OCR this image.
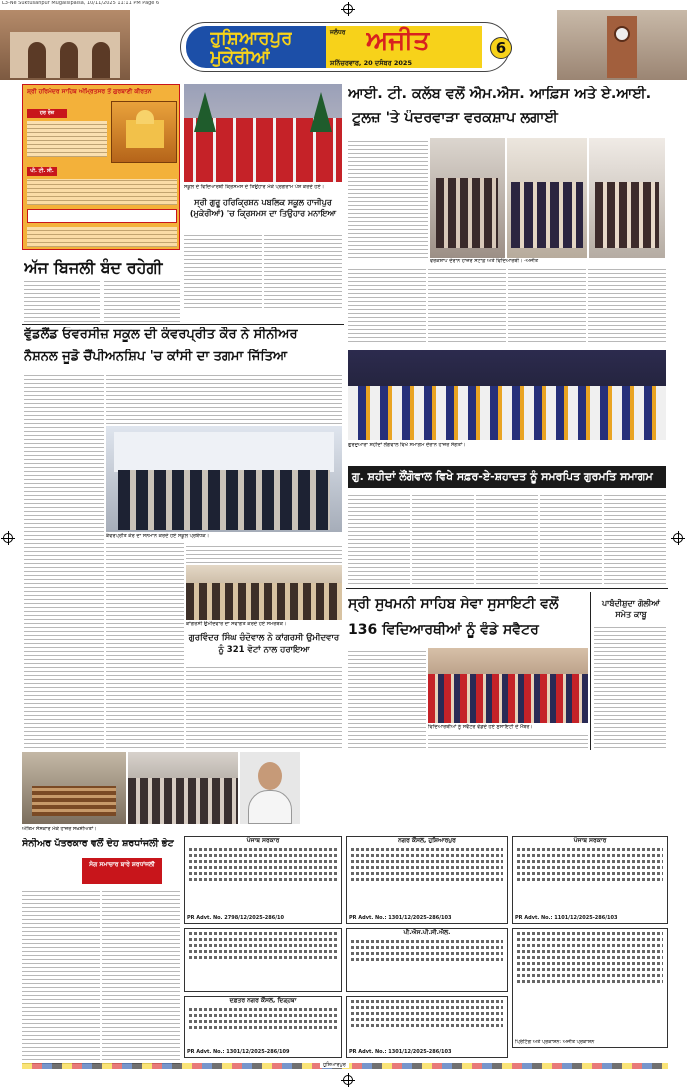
L3-Ne Suktusanpur Mugaisipaisa, 10/11/2025 11:11 PM Page 6
ਹੁਸ਼ਿਆਰਪੁਰ
ਮੁਕੇਰੀਆਂ
ਜਲੰਧਰ ਅਜੀਤ
ਸ਼ਨਿੱਚਰਵਾਰ, 20 ਦਸੰਬਰ 2025
6
ਸ਼੍ਰੀ ਹਰਿਮੰਦਰ ਸਾਹਿਬ ਅੰਮ੍ਰਿਤਸਰ ਤੋਂ ਗੁਰਬਾਣੀ ਕੀਰਤਨ
ਹਰ ਰੋਜ਼
ਪੀ. ਟੀ. ਸੀ.
ਸਕੂਲ ਦੇ ਵਿਦਿਆਰਥੀ ਕ੍ਰਿਸਮਸ ਦੇ ਤਿਉਹਾਰ ਮੌਕੇ ਪ੍ਰੋਗਰਾਮ ਪੇਸ਼ ਕਰਦੇ ਹੋਏ।
ਸ੍ਰੀ ਗੁਰੂ ਹਰਿਕ੍ਰਿਸ਼ਨ ਪਬਲਿਕ ਸਕੂਲ ਹਾਜੀਪੁਰ (ਮੁਕੇਰੀਆਂ) 'ਚ ਕ੍ਰਿਸਮਸ ਦਾ ਤਿਉਹਾਰ ਮਨਾਇਆ
ਅੱਜ ਬਿਜਲੀ ਬੰਦ ਰਹੇਗੀ
ਆਈ. ਟੀ. ਕਲੱਬ ਵਲੋਂ ਐਮ.ਐਸ. ਆਫ਼ਿਸ ਅਤੇ ਏ.ਆਈ.
ਟੂਲਜ਼ 'ਤੇ ਪੰਦਰਵਾੜਾ ਵਰਕਸ਼ਾਪ ਲਗਾਈ
ਵਰਕਸ਼ਾਪ ਦੌਰਾਨ ਹਾਜ਼ਰ ਸਟਾਫ਼ ਅਤੇ ਵਿਦਿਆਰਥੀ। -ਅਜੀਤ
ਵੁੱਡਲੈਂਡ ਓਵਰਸੀਜ਼ ਸਕੂਲ ਦੀ ਕੰਵਰਪ੍ਰੀਤ ਕੌਰ ਨੇ ਸੀਨੀਅਰ
ਨੈਸ਼ਨਲ ਜੂਡੋ ਚੈਂਪੀਅਨਸ਼ਿਪ 'ਚ ਕਾਂਸੀ ਦਾ ਤਗਮਾ ਜਿੱਤਿਆ
ਕੰਵਰਪ੍ਰੀਤ ਕੌਰ ਦਾ ਸਨਮਾਨ ਕਰਦੇ ਹੋਏ ਸਕੂਲ ਪ੍ਰਬੰਧਕ।
ਕਾਂਗਰਸੀ ਉਮੀਦਵਾਰ ਦਾ ਸਵਾਗਤ ਕਰਦੇ ਹੋਏ ਸਮਰਥਕ।
ਗੁਰਵਿੰਦਰ ਸਿੰਘ ਚੰਦੋਵਾਲ ਨੇ ਕਾਂਗਰਸੀ ਉਮੀਦਵਾਰ ਨੂੰ 321 ਵੋਟਾਂ ਨਾਲ ਹਰਾਇਆ
ਗੁਰਦੁਆਰਾ ਸ਼ਹੀਦਾਂ ਲੌਂਗੋਵਾਲ ਵਿਖੇ ਸਮਾਗਮ ਦੌਰਾਨ ਹਾਜ਼ਰ ਸੰਗਤਾਂ।
ਗੁ. ਸ਼ਹੀਦਾਂ ਲੌਂਗੋਵਾਲ ਵਿਖੇ ਸਫ਼ਰ-ਏ-ਸ਼ਹਾਦਤ ਨੂੰ ਸਮਰਪਿਤ ਗੁਰਮਤਿ ਸਮਾਗਮ
ਸ੍ਰੀ ਸੁਖਮਨੀ ਸਾਹਿਬ ਸੇਵਾ ਸੁਸਾਇਟੀ ਵਲੋਂ
136 ਵਿਦਿਆਰਥੀਆਂ ਨੂੰ ਵੰਡੇ ਸਵੈਟਰ
ਵਿਦਿਆਰਥੀਆਂ ਨੂੰ ਸਵੈਟਰ ਵੰਡਦੇ ਹੋਏ ਸੁਸਾਇਟੀ ਦੇ ਮੈਂਬਰ।
ਪਾਬੰਦੀਸ਼ੁਦਾ ਗੋਲੀਆਂ ਸਮੇਤ ਕਾਬੂ
ਅੰਤਿਮ ਸੰਸਕਾਰ ਮੌਕੇ ਹਾਜ਼ਰ ਸਖ਼ਸ਼ੀਅਤਾਂ।
ਸੇਨੀਅਰ ਪੱਤਰਕਾਰ ਵਲੋਂ ਦੇਹ ਸ਼ਰਧਾਂਜਲੀ ਭੇਟ
ਸੋਗ ਸਮਾਚਾਰ ਬਾਰੇ ਸ਼ਰਧਾਂਜਲੀ
ਪੰਜਾਬ ਸਰਕਾਰ
PR Advt. No. 2798/12/2025-286/10
ਨਗਰ ਕੌਂਸਲ, ਹੁਸ਼ਿਆਰਪੁਰ
PR Advt. No.: 1301/12/2025-286/103
ਪੰਜਾਬ ਸਰਕਾਰ
PR Advt. No.: 1101/12/2025-286/103
ਪੀ.ਐਸ.ਪੀ.ਸੀ.ਐਲ.
ਪ੍ਰਿੰਟਿੰਗ ਅਤੇ ਪ੍ਰਕਾਸ਼ਨ: ਅਜੀਤ ਪ੍ਰਕਾਸ਼ਨ
ਦਫ਼ਤਰ ਨਗਰ ਕੌਂਸਲ, ਦਿੜ੍ਹਬਾ
PR Advt. No.: 1301/12/2025-286/109	PR Advt. No.: 1301/12/2025-286/103
ਹੁਸ਼ਿਆਰਪੁਰ
